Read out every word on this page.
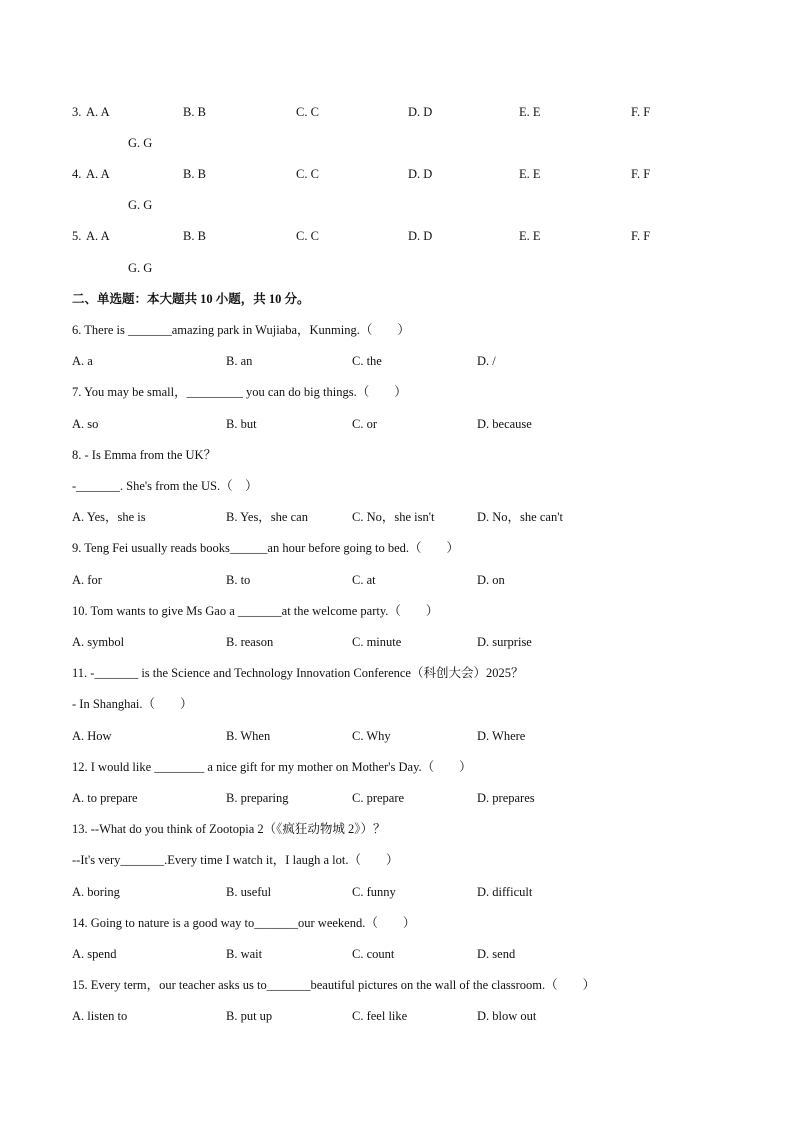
3. A. A	B. B	C. C	D. D	E. E	F. F
G. G
4. A. A	B. B	C. C	D. D	E. E	F. F
G. G
5. A. A	B. B	C. C	D. D	E. E	F. F
G. G
二、单选题：本大题共 10 小题，共 10 分。
6. There is _______amazing park in Wujiaba，Kunming.（　　）
A. a	B. an	C. the	D. /
7. You may be small，_________ you can do big things.（　　）
A. so	B. but	C. or	D. because
8. - Is Emma from the UK？
-_______. She's from the US.（　）
A. Yes，she is	B. Yes，she can	C. No，she isn't	D. No，she can't
9. Teng Fei usually reads books______an hour before going to bed.（　　）
A. for	B. to	C. at	D. on
10. Tom wants to give Ms Gao a _______at the welcome party.（　　）
A. symbol	B. reason	C. minute	D. surprise
11. -_______ is the Science and Technology Innovation Conference（科创大会）2025？
- In Shanghai.（　　）
A. How	B. When	C. Why	D. Where
12. I would like ________ a nice gift for my mother on Mother's Day.（　　）
A. to prepare	B. preparing	C. prepare	D. prepares
13. --What do you think of Zootopia 2（《疯狂动物城 2》）？
--It's very_______.Every time I watch it，I laugh a lot.（　　）
A. boring	B. useful	C. funny	D. difficult
14. Going to nature is a good way to_______our weekend.（　　）
A. spend	B. wait	C. count	D. send
15. Every term，our teacher asks us to_______beautiful pictures on the wall of the classroom.（　　）
A. listen to	B. put up	C. feel like	D. blow out
